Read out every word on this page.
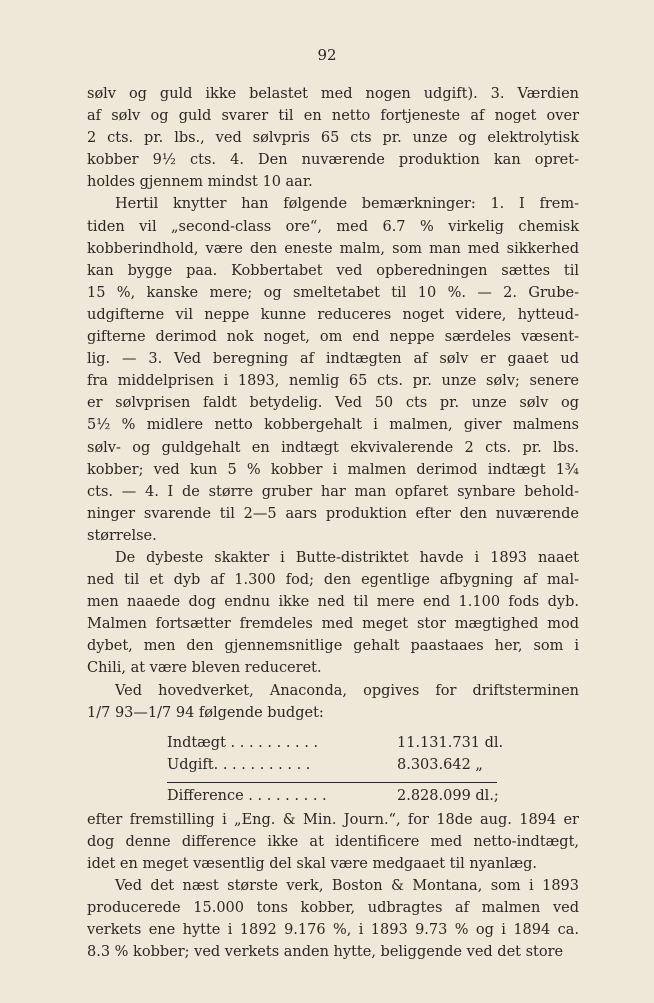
92
sølv og guld ikke belastet med nogen udgift). 3. Værdien
af sølv og guld svarer til en netto fortjeneste af noget over
2 cts. pr. lbs., ved sølvpris 65 cts pr. unze og elektrolytisk
kobber 9½ cts. 4. Den nuværende produktion kan opret-
holdes gjennem mindst 10 aar.
Hertil knytter han følgende bemærkninger: 1. I frem-
tiden vil „second-class ore“, med 6.7 % virkelig chemisk
kobberindhold, være den eneste malm, som man med sikkerhed
kan bygge paa. Kobbertabet ved opberedningen sættes til
15 %, kanske mere; og smeltetabet til 10 %. — 2. Grube-
udgifterne vil neppe kunne reduceres noget videre, hytteud-
gifterne derimod nok noget, om end neppe særdeles væsent-
lig. — 3. Ved beregning af indtægten af sølv er gaaet ud
fra middelprisen i 1893, nemlig 65 cts. pr. unze sølv; senere
er sølvprisen faldt betydelig. Ved 50 cts pr. unze sølv og
5½ % midlere netto kobbergehalt i malmen, giver malmens
sølv- og guldgehalt en indtægt ekvivalerende 2 cts. pr. lbs.
kobber; ved kun 5 % kobber i malmen derimod indtægt 1¾
cts. — 4. I de større gruber har man opfaret synbare behold-
ninger svarende til 2—5 aars produktion efter den nuværende
størrelse.
De dybeste skakter i Butte-distriktet havde i 1893 naaet
ned til et dyb af 1.300 fod; den egentlige afbygning af mal-
men naaede dog endnu ikke ned til mere end 1.100 fods dyb.
Malmen fortsætter fremdeles med meget stor mægtighed mod
dybet, men den gjennemsnitlige gehalt paastaaes her, som i
Chili, at være bleven reduceret.
Ved hovedverket, Anaconda, opgives for driftsterminen
1/7 93—1/7 94 følgende budget:
Indtægt . . . . . . . . . .	11.131.731 dl.
Udgift. . . . . . . . . . .	8.303.642 „
Difference . . . . . . . . .	2.828.099 dl.;
efter fremstilling i „Eng. & Min. Journ.“, for 18de aug. 1894 er
dog denne difference ikke at identificere med netto-indtægt,
idet en meget væsentlig del skal være medgaaet til nyanlæg.
Ved det næst største verk, Boston & Montana, som i 1893
producerede 15.000 tons kobber, udbragtes af malmen ved
verkets ene hytte i 1892 9.176 %, i 1893 9.73 % og i 1894 ca.
8.3 % kobber; ved verkets anden hytte, beliggende ved det store
